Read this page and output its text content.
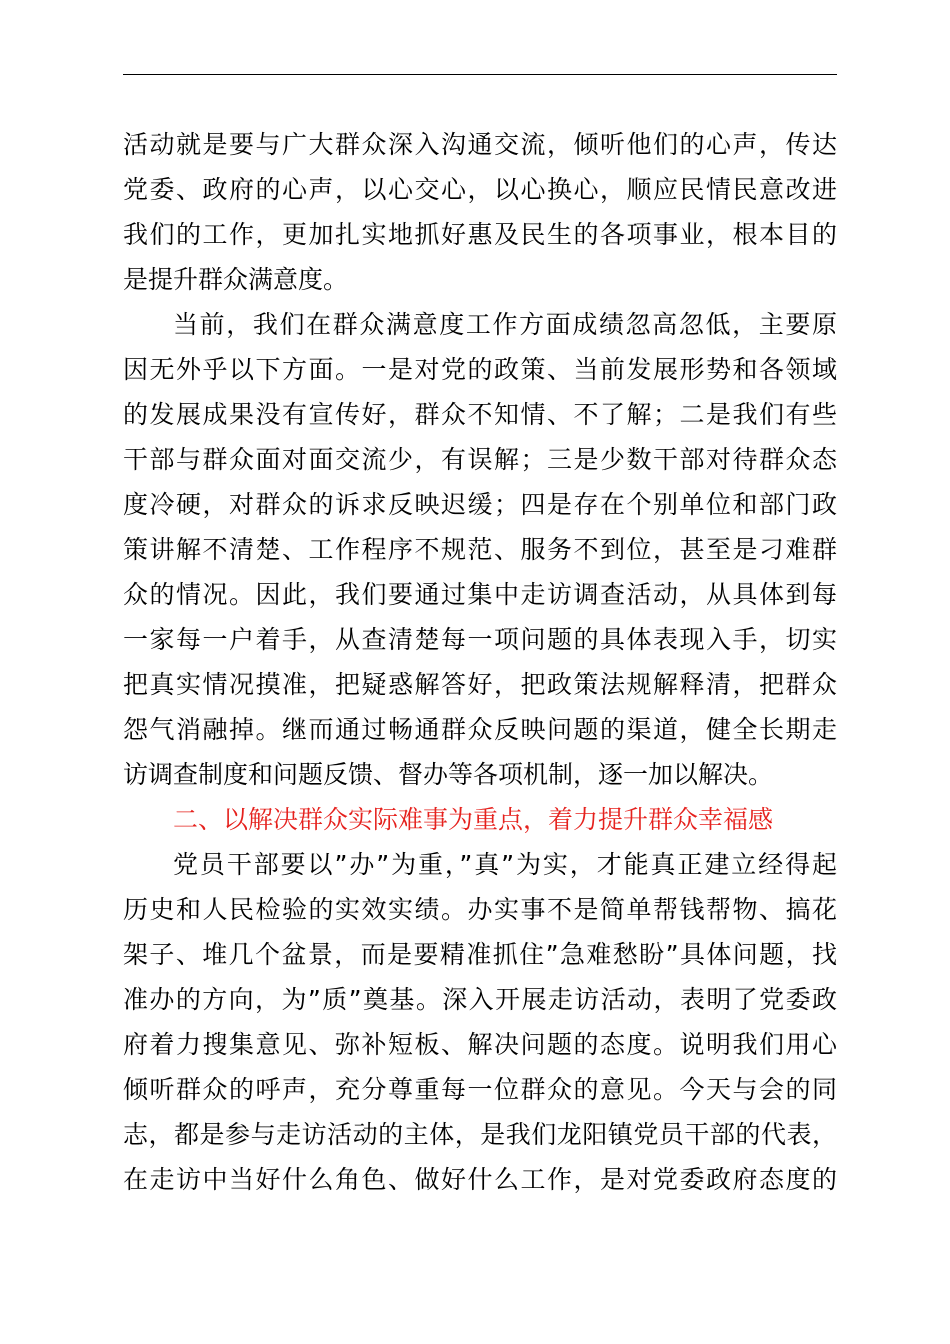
活动就是要与广大群众深入沟通交流，倾听他们的心声，传达
党委、政府的心声，以心交心，以心换心，顺应民情民意改进
我们的工作，更加扎实地抓好惠及民生的各项事业，根本目的
是提升群众满意度。
当前，我们在群众满意度工作方面成绩忽高忽低，主要原
因无外乎以下方面。一是对党的政策、当前发展形势和各领域
的发展成果没有宣传好，群众不知情、不了解；二是我们有些
干部与群众面对面交流少，有误解；三是少数干部对待群众态
度冷硬，对群众的诉求反映迟缓；四是存在个别单位和部门政
策讲解不清楚、工作程序不规范、服务不到位，甚至是刁难群
众的情况。因此，我们要通过集中走访调查活动，从具体到每
一家每一户着手，从查清楚每一项问题的具体表现入手，切实
把真实情况摸准，把疑惑解答好，把政策法规解释清，把群众
怨气消融掉。继而通过畅通群众反映问题的渠道，健全长期走
访调查制度和问题反馈、督办等各项机制，逐一加以解决。
二、以解决群众实际难事为重点，着力提升群众幸福感
党员干部要以”办”为重，”真”为实，才能真正建立经得起
历史和人民检验的实效实绩。办实事不是简单帮钱帮物、搞花
架子、堆几个盆景，而是要精准抓住”急难愁盼”具体问题，找
准办的方向，为”质”奠基。深入开展走访活动，表明了党委政
府着力搜集意见、弥补短板、解决问题的态度。说明我们用心
倾听群众的呼声，充分尊重每一位群众的意见。今天与会的同
志，都是参与走访活动的主体，是我们龙阳镇党员干部的代表，
在走访中当好什么角色、做好什么工作，是对党委政府态度的
